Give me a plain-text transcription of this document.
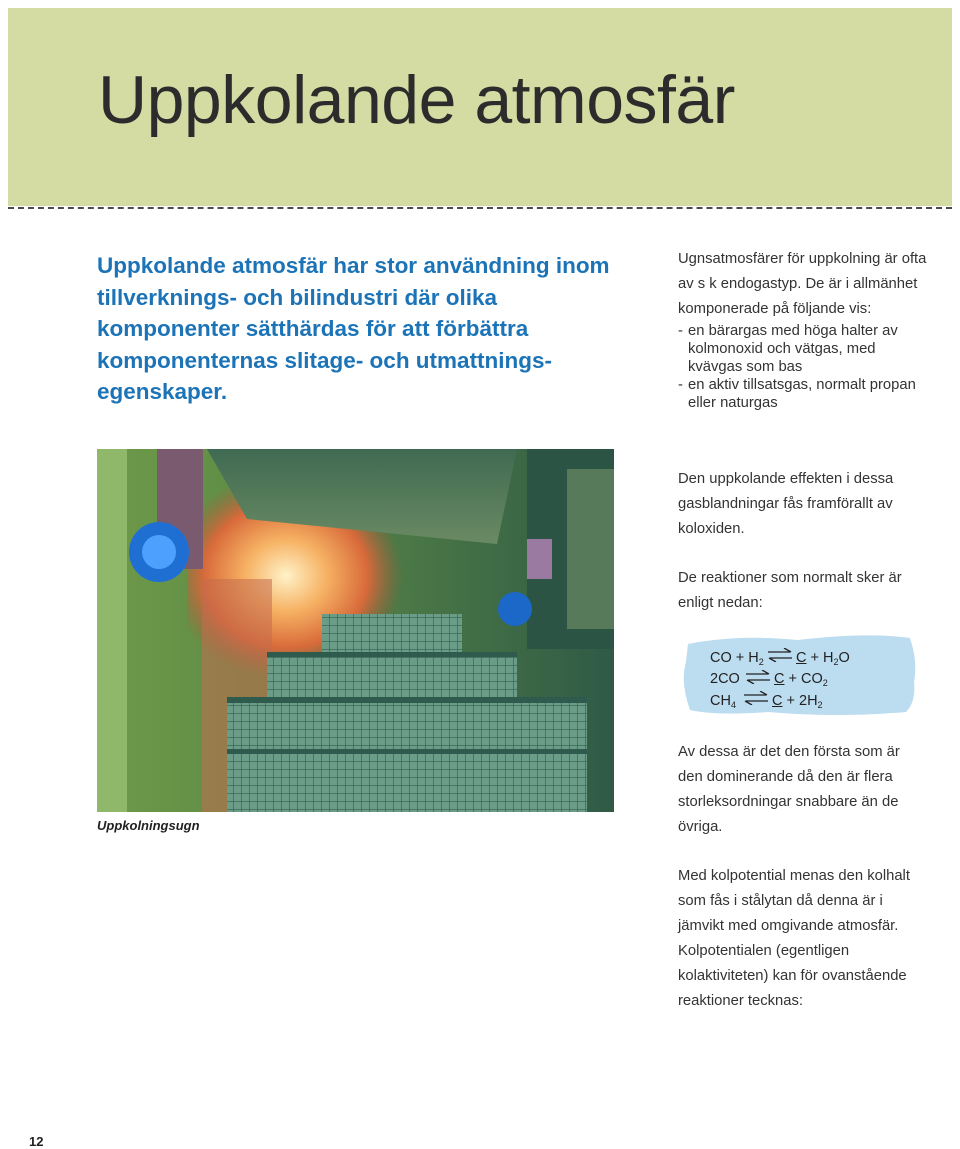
Uppkolande atmosfär

Uppkolande atmosfär har stor användning inom tillverknings- och bilindustri där olika komponenter sätthärdas för att förbättra komponenternas slitage- och utmattnings-egenskaper.

Ugnsatmosfärer för uppkolning är ofta av s k endogastyp. De är i allmänhet komponerade på följande vis:

- en bärargas med höga halter av kolmonoxid och vätgas, med kvävgas som bas

- en aktiv tillsatsgas, normalt propan eller naturgas

Den uppkolande effekten i dessa gasblandningar fås framförallt av koloxiden.

De reaktioner som normalt sker är enligt nedan:

Uppkolningsugn

CO + $H_2$ $C + H_2O$
2CO $C + CO_2$
$CH_4$ $C + 2H_2$

Av dessa är det den första som är den dominerande då den är flera storleksordningar snabbare än de övriga.

Med kolpotential menas den kolhalt som fås i stålytan då denna är i jämvikt med omgivande atmosfär. Kolpotentialen (egentligen kolaktiviteten) kan för ovanstående reaktioner tecknas:

12
